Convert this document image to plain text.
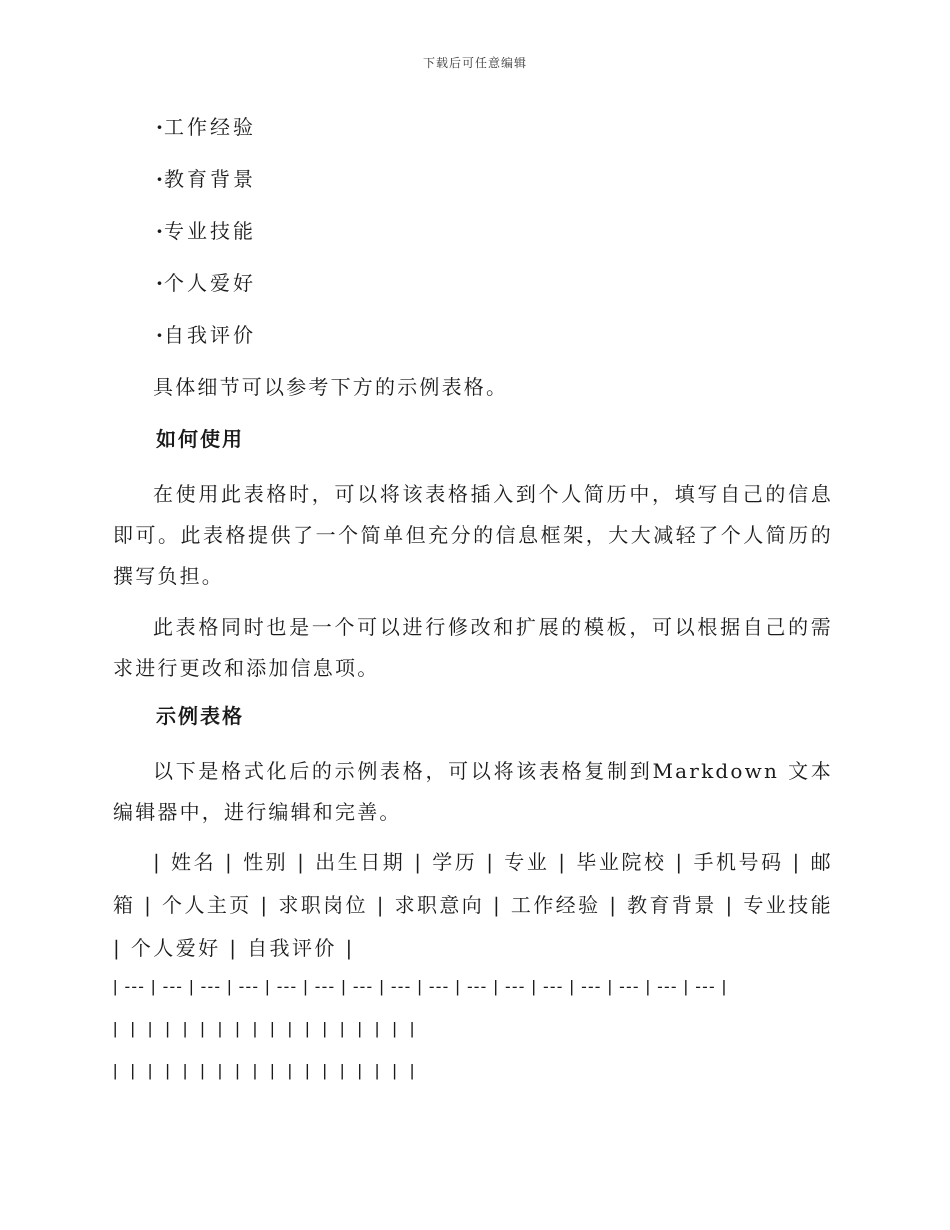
下载后可任意编辑
·工作经验
·教育背景
·专业技能
·个人爱好
·自我评价

具体细节可以参考下方的示例表格。

如何使用

在使用此表格时，可以将该表格插入到个人简历中，填写自己的信息即可。此表格提供了一个简单但充分的信息框架，大大减轻了个人简历的撰写负担。

此表格同时也是一个可以进行修改和扩展的模板，可以根据自己的需求进行更改和添加信息项。

示例表格

以下是格式化后的示例表格，可以将该表格复制到Markdown 文本编辑器中，进行编辑和完善。

| 姓名 | 性别 | 出生日期 | 学历 | 专业 | 毕业院校 | 手机号码 | 邮箱 | 个人主页 | 求职岗位 | 求职意向 | 工作经验 | 教育背景 | 专业技能 | 个人爱好 | 自我评价 |

| --- | --- | --- | --- | --- | --- | --- | --- | --- | --- | --- | --- | --- | --- | --- | --- |

|  |  |  |  |  |  |  |  |  |  |  |  |  |  |  |  |  |

|  |  |  |  |  |  |  |  |  |  |  |  |  |  |  |  |  |
